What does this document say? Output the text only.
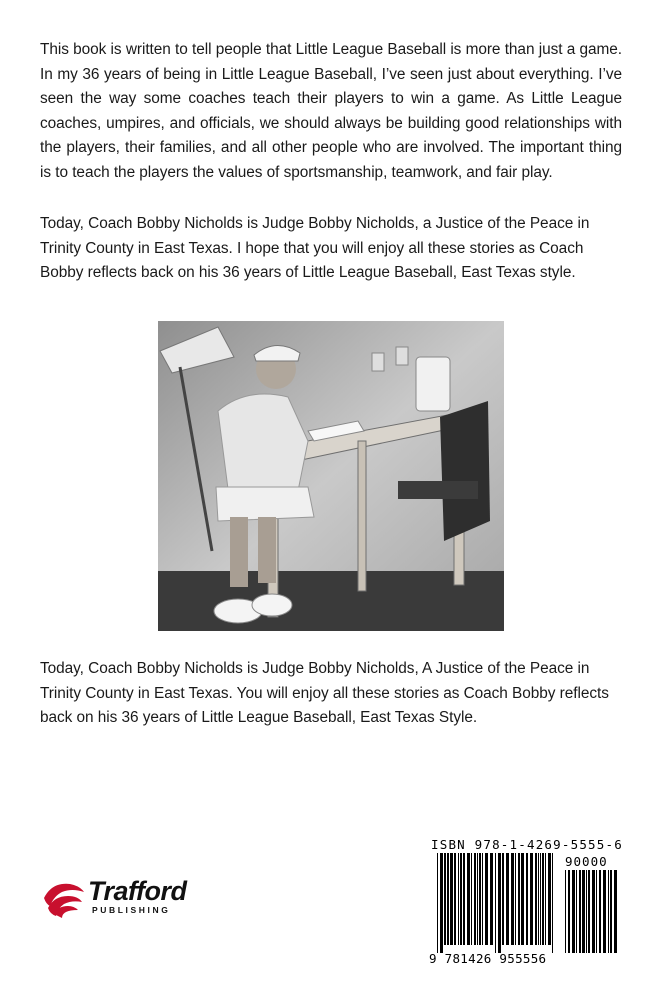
This book is written to tell people that Little League Baseball is more than just a game. In my 36 years of being in Little League Baseball, I’ve seen just about everything. I’ve seen the way some coaches teach their players to win a game. As Little League coaches, umpires, and officials, we should always be building good relationships with the players, their families, and all other people who are involved. The important thing is to teach the players the values of sportsmanship, teamwork, and fair play.

Today, Coach Bobby Nicholds is Judge Bobby Nicholds, a Justice of the Peace in Trinity County in East Texas. I hope that you will enjoy all these stories as Coach Bobby reflects back on his 36 years of Little League Baseball, East Texas style.

Today, Coach Bobby Nicholds is Judge Bobby Nicholds, A Justice of the Peace in Trinity County in East Texas. You will enjoy all these stories as Coach Bobby reflects back on his 36 years of Little League Baseball, East Texas Style.

Trafford
PUBLISHING
ISBN 978-1-4269-5555-6
90000
9 781426 955556
